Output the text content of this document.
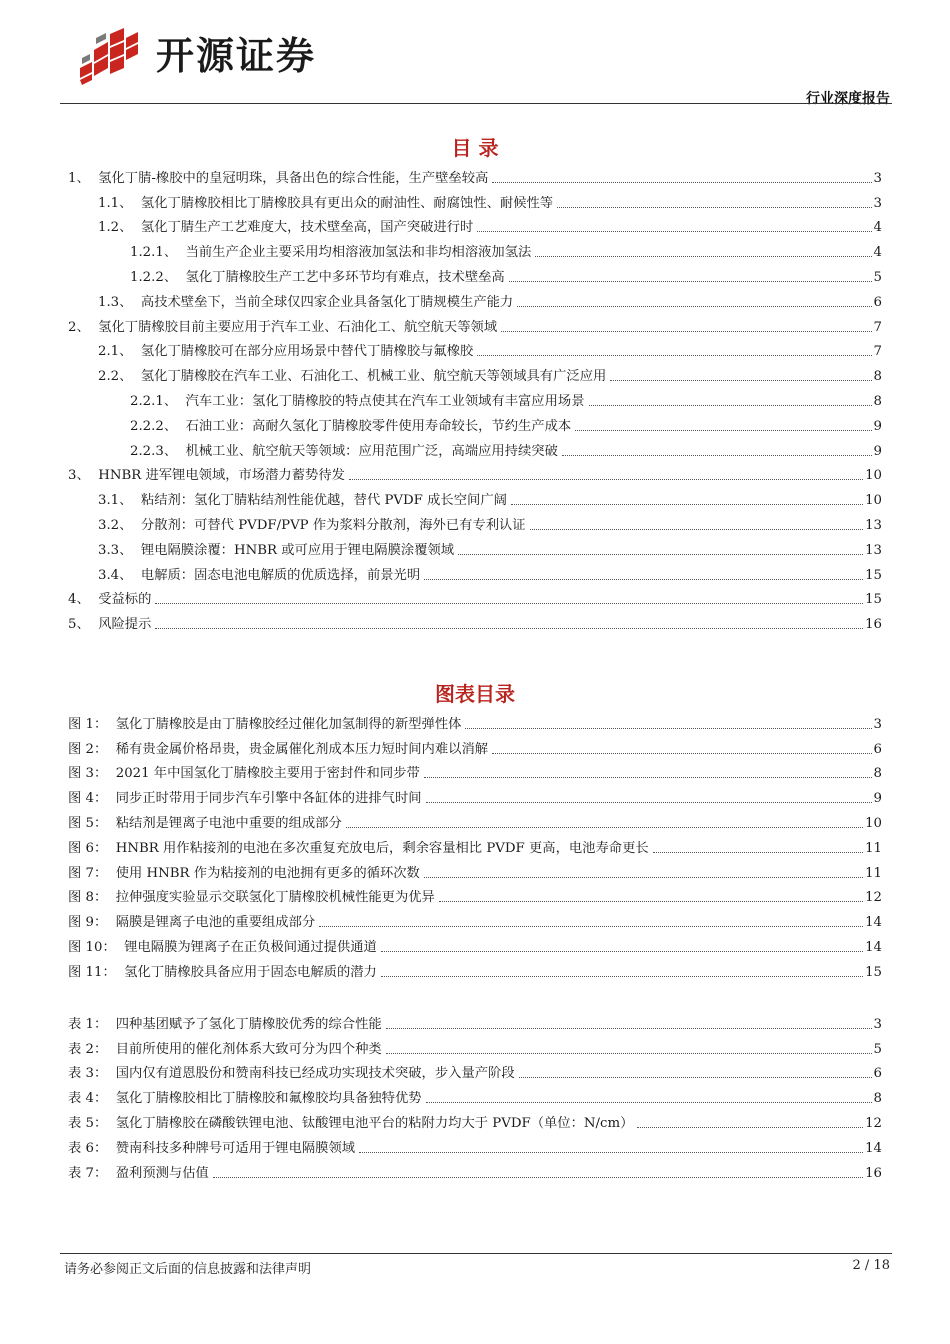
开源证券
行业深度报告
目 录
1、 氢化丁腈-橡胶中的皇冠明珠，具备出色的综合性能，生产壁垒较高	3
1.1、 氢化丁腈橡胶相比丁腈橡胶具有更出众的耐油性、耐腐蚀性、耐候性等	3
1.2、 氢化丁腈生产工艺难度大，技术壁垒高，国产突破进行时	4
1.2.1、 当前生产企业主要采用均相溶液加氢法和非均相溶液加氢法	4
1.2.2、 氢化丁腈橡胶生产工艺中多环节均有难点，技术壁垒高	5
1.3、 高技术壁垒下，当前全球仅四家企业具备氢化丁腈规模生产能力	6
2、 氢化丁腈橡胶目前主要应用于汽车工业、石油化工、航空航天等领域	7
2.1、 氢化丁腈橡胶可在部分应用场景中替代丁腈橡胶与氟橡胶	7
2.2、 氢化丁腈橡胶在汽车工业、石油化工、机械工业、航空航天等领域具有广泛应用	8
2.2.1、 汽车工业：氢化丁腈橡胶的特点使其在汽车工业领域有丰富应用场景	8
2.2.2、 石油工业：高耐久氢化丁腈橡胶零件使用寿命较长，节约生产成本	9
2.2.3、 机械工业、航空航天等领域：应用范围广泛，高端应用持续突破	9
3、 HNBR 进军锂电领域，市场潜力蓄势待发	10
3.1、 粘结剂：氢化丁腈粘结剂性能优越，替代 PVDF 成长空间广阔	10
3.2、 分散剂：可替代 PVDF/PVP 作为浆料分散剂，海外已有专利认证	13
3.3、 锂电隔膜涂覆：HNBR 或可应用于锂电隔膜涂覆领域	13
3.4、 电解质：固态电池电解质的优质选择，前景光明	15
4、 受益标的	15
5、 风险提示	16
图表目录
图 1： 氢化丁腈橡胶是由丁腈橡胶经过催化加氢制得的新型弹性体	3
图 2： 稀有贵金属价格昂贵，贵金属催化剂成本压力短时间内难以消解	6
图 3： 2021 年中国氢化丁腈橡胶主要用于密封件和同步带	8
图 4： 同步正时带用于同步汽车引擎中各缸体的进排气时间	9
图 5： 粘结剂是锂离子电池中重要的组成部分	10
图 6： HNBR 用作粘接剂的电池在多次重复充放电后，剩余容量相比 PVDF 更高，电池寿命更长	11
图 7： 使用 HNBR 作为粘接剂的电池拥有更多的循环次数	11
图 8： 拉伸强度实验显示交联氢化丁腈橡胶机械性能更为优异	12
图 9： 隔膜是锂离子电池的重要组成部分	14
图 10： 锂电隔膜为锂离子在正负极间通过提供通道	14
图 11： 氢化丁腈橡胶具备应用于固态电解质的潜力	15
表 1： 四种基团赋予了氢化丁腈橡胶优秀的综合性能	3
表 2： 目前所使用的催化剂体系大致可分为四个种类	5
表 3： 国内仅有道恩股份和赞南科技已经成功实现技术突破，步入量产阶段	6
表 4： 氢化丁腈橡胶相比丁腈橡胶和氟橡胶均具备独特优势	8
表 5： 氢化丁腈橡胶在磷酸铁锂电池、钛酸锂电池平台的粘附力均大于 PVDF（单位：N/cm）	12
表 6： 赞南科技多种牌号可适用于锂电隔膜领域	14
表 7： 盈利预测与估值	16
请务必参阅正文后面的信息披露和法律声明	2 / 18
